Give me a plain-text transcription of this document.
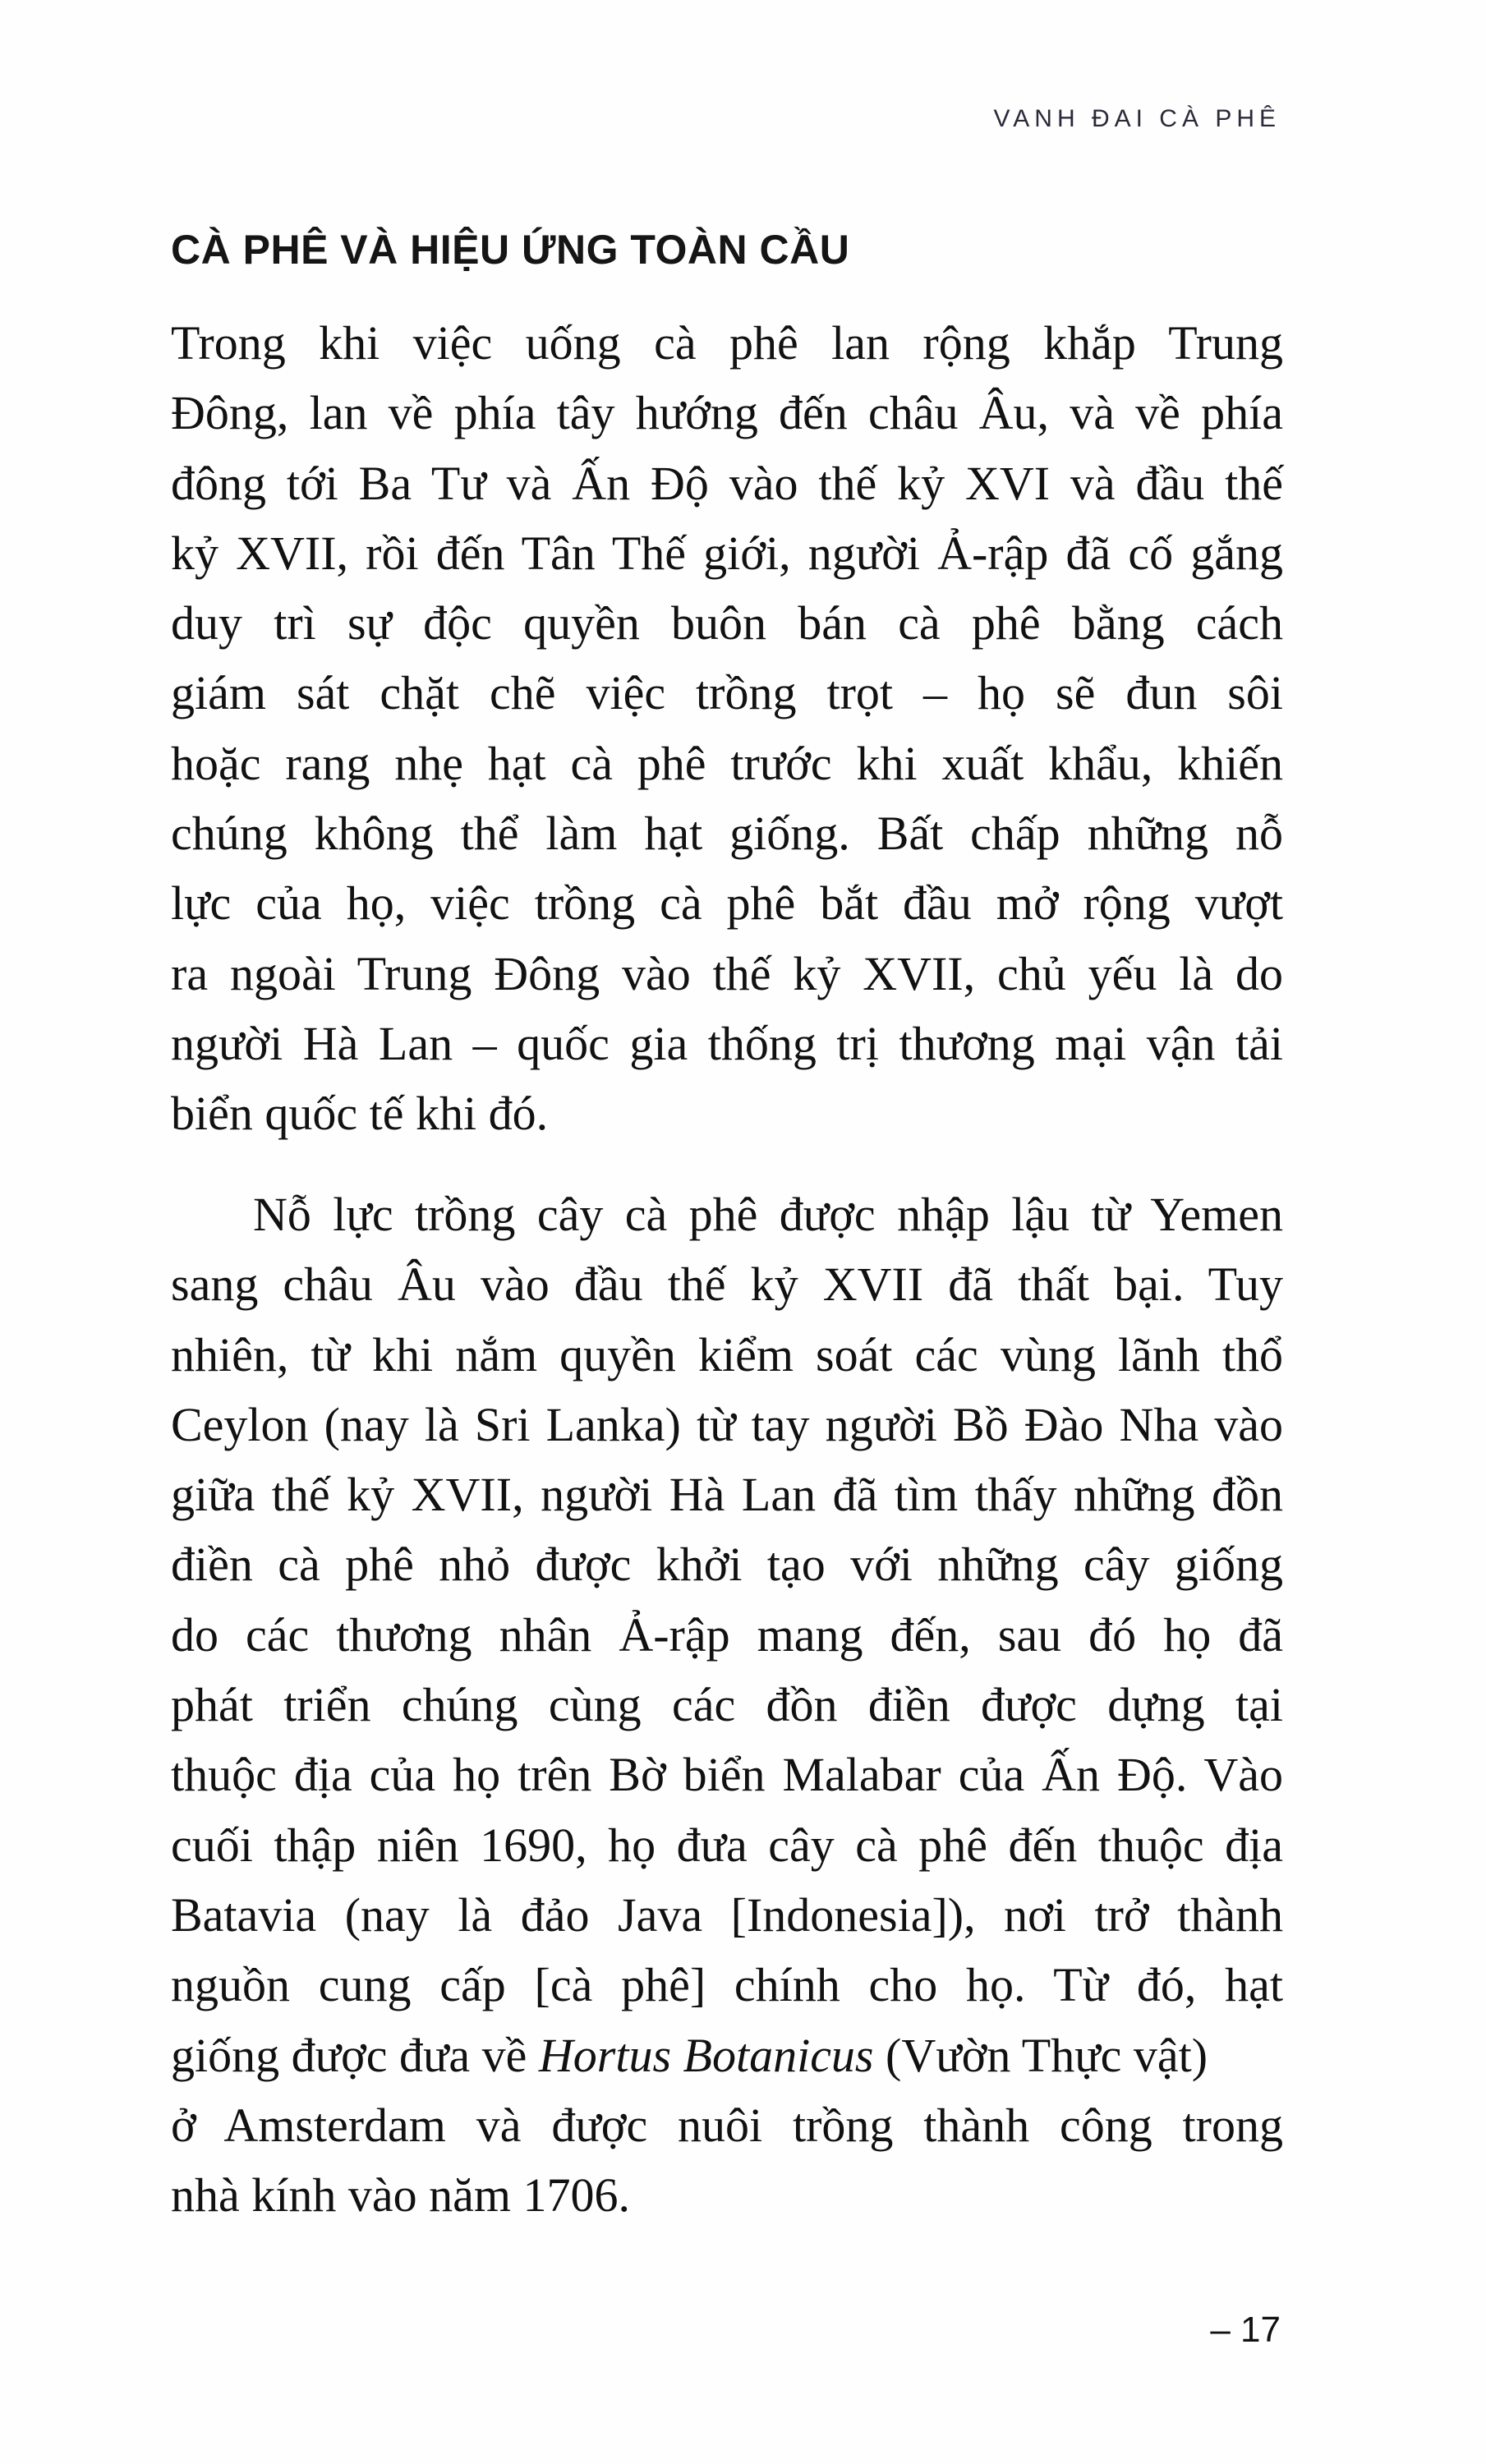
VANH ĐAI CÀ PHÊ
CÀ PHÊ VÀ HIỆU ỨNG TOÀN CẦU
Trong khi việc uống cà phê lan rộng khắp Trung
Đông, lan về phía tây hướng đến châu Âu, và về phía
đông tới Ba Tư và Ấn Độ vào thế kỷ XVI và đầu thế
kỷ XVII, rồi đến Tân Thế giới, người Ả-rập đã cố gắng
duy trì sự độc quyền buôn bán cà phê bằng cách
giám sát chặt chẽ việc trồng trọt – họ sẽ đun sôi
hoặc rang nhẹ hạt cà phê trước khi xuất khẩu, khiến
chúng không thể làm hạt giống. Bất chấp những nỗ
lực của họ, việc trồng cà phê bắt đầu mở rộng vượt
ra ngoài Trung Đông vào thế kỷ XVII, chủ yếu là do
người Hà Lan – quốc gia thống trị thương mại vận tải
biển quốc tế khi đó.
Nỗ lực trồng cây cà phê được nhập lậu từ Yemen
sang châu Âu vào đầu thế kỷ XVII đã thất bại. Tuy
nhiên, từ khi nắm quyền kiểm soát các vùng lãnh thổ
Ceylon (nay là Sri Lanka) từ tay người Bồ Đào Nha vào
giữa thế kỷ XVII, người Hà Lan đã tìm thấy những đồn
điền cà phê nhỏ được khởi tạo với những cây giống
do các thương nhân Ả-rập mang đến, sau đó họ đã
phát triển chúng cùng các đồn điền được dựng tại
thuộc địa của họ trên Bờ biển Malabar của Ấn Độ. Vào
cuối thập niên 1690, họ đưa cây cà phê đến thuộc địa
Batavia (nay là đảo Java [Indonesia]), nơi trở thành
nguồn cung cấp [cà phê] chính cho họ. Từ đó, hạt
giống được đưa về Hortus Botanicus (Vườn Thực vật)
ở Amsterdam và được nuôi trồng thành công trong
nhà kính vào năm 1706.
– 17
